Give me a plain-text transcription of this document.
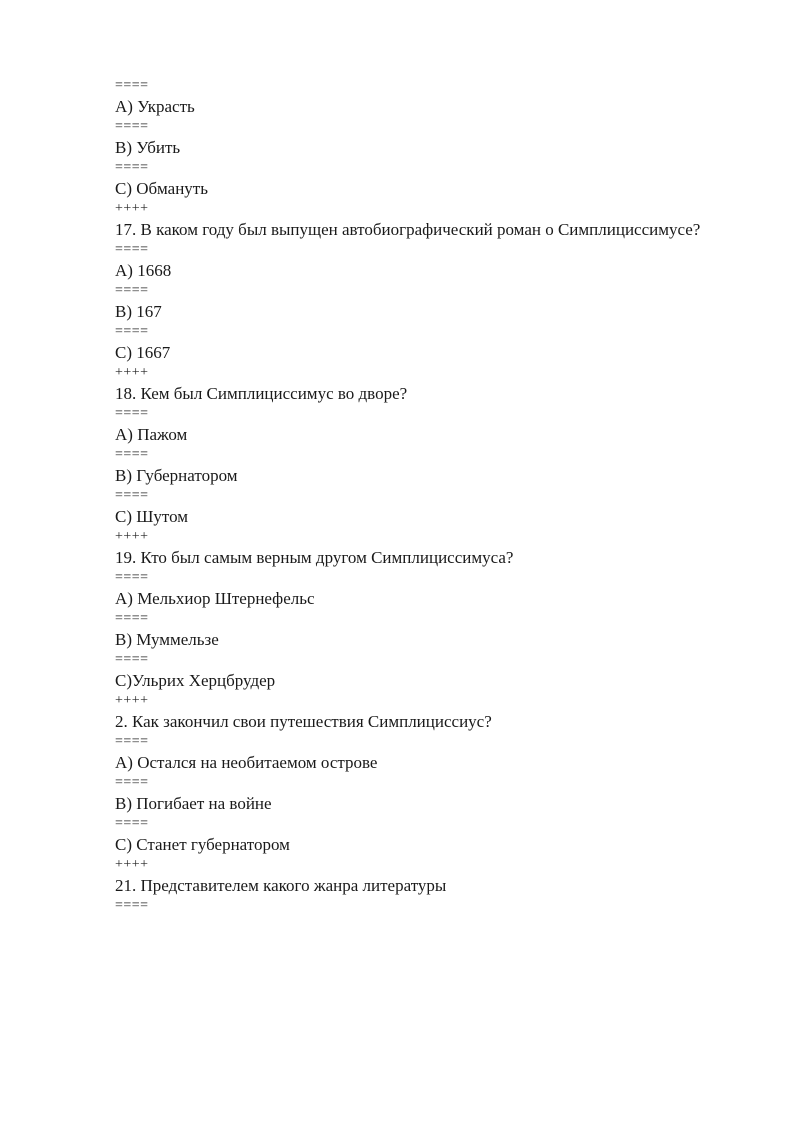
====
А) Украсть
====
В) Убить
====
С) Обмануть
++++
17. В каком году был выпущен автобиографический роман о Симплициссимусе?
====
А) 1668
====
В) 167
====
С) 1667
++++
18. Кем был Симплициссимус во дворе?
====
А) Пажом
====
В) Губернатором
====
С) Шутом
++++
19. Кто был самым верным другом Симплициссимуса?
====
А) Мельхиор Штернефельс
====
В) Муммельзе
====
С)Ульрих Херцбрудер
++++
2. Как закончил свои путешествия Симплициссиус?
====
А) Остался на необитаемом острове
====
В) Погибает на войне
====
С) Станет губернатором
++++
21. Представителем какого жанра литературы
====
